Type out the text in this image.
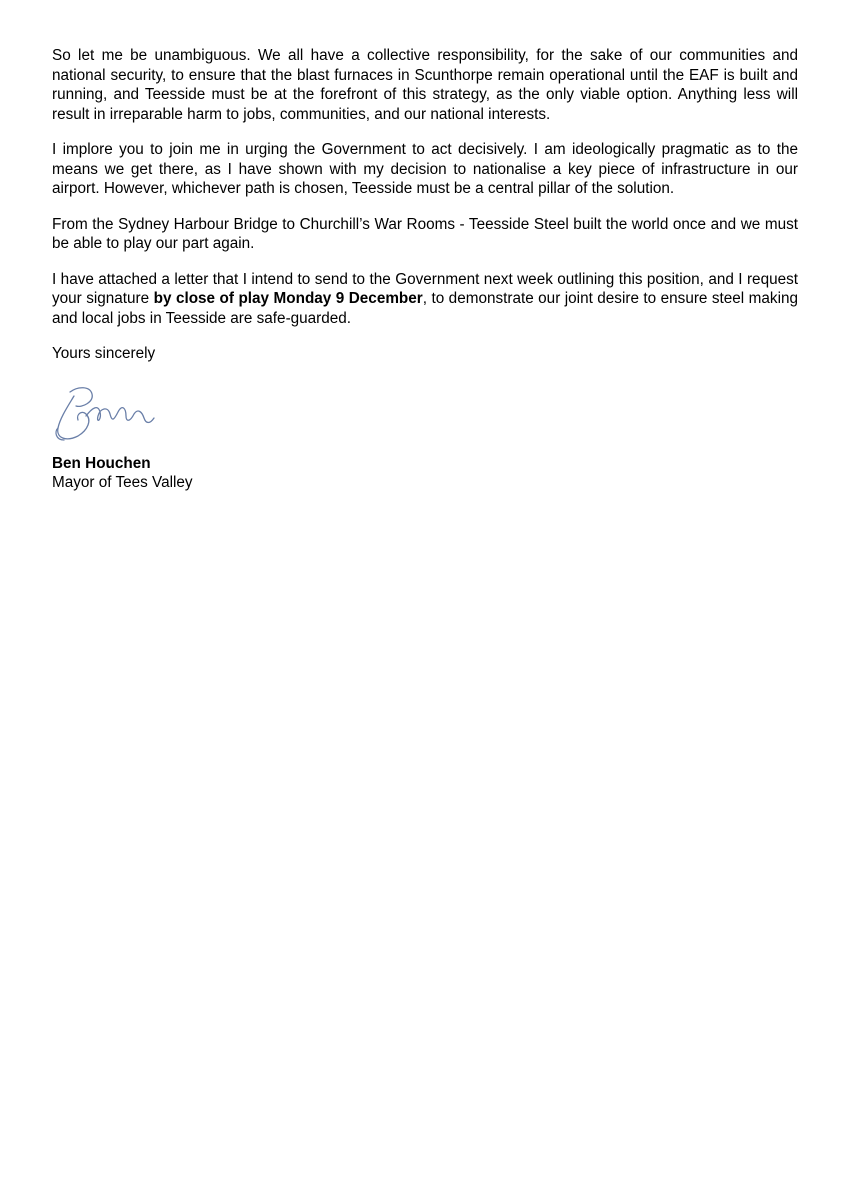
So let me be unambiguous. We all have a collective responsibility, for the sake of our communities and national security, to ensure that the blast furnaces in Scunthorpe remain operational until the EAF is built and running, and Teesside must be at the forefront of this strategy, as the only viable option. Anything less will result in irreparable harm to jobs, communities, and our national interests.

I implore you to join me in urging the Government to act decisively. I am ideologically pragmatic as to the means we get there, as I have shown with my decision to nationalise a key piece of infrastructure in our airport. However, whichever path is chosen, Teesside must be a central pillar of the solution.

From the Sydney Harbour Bridge to Churchill’s War Rooms - Teesside Steel built the world once and we must be able to play our part again.

I have attached a letter that I intend to send to the Government next week outlining this position, and I request your signature by close of play Monday 9 December, to demonstrate our joint desire to ensure steel making and local jobs in Teesside are safe-guarded.

Yours sincerely

Ben Houchen

Mayor of Tees Valley
